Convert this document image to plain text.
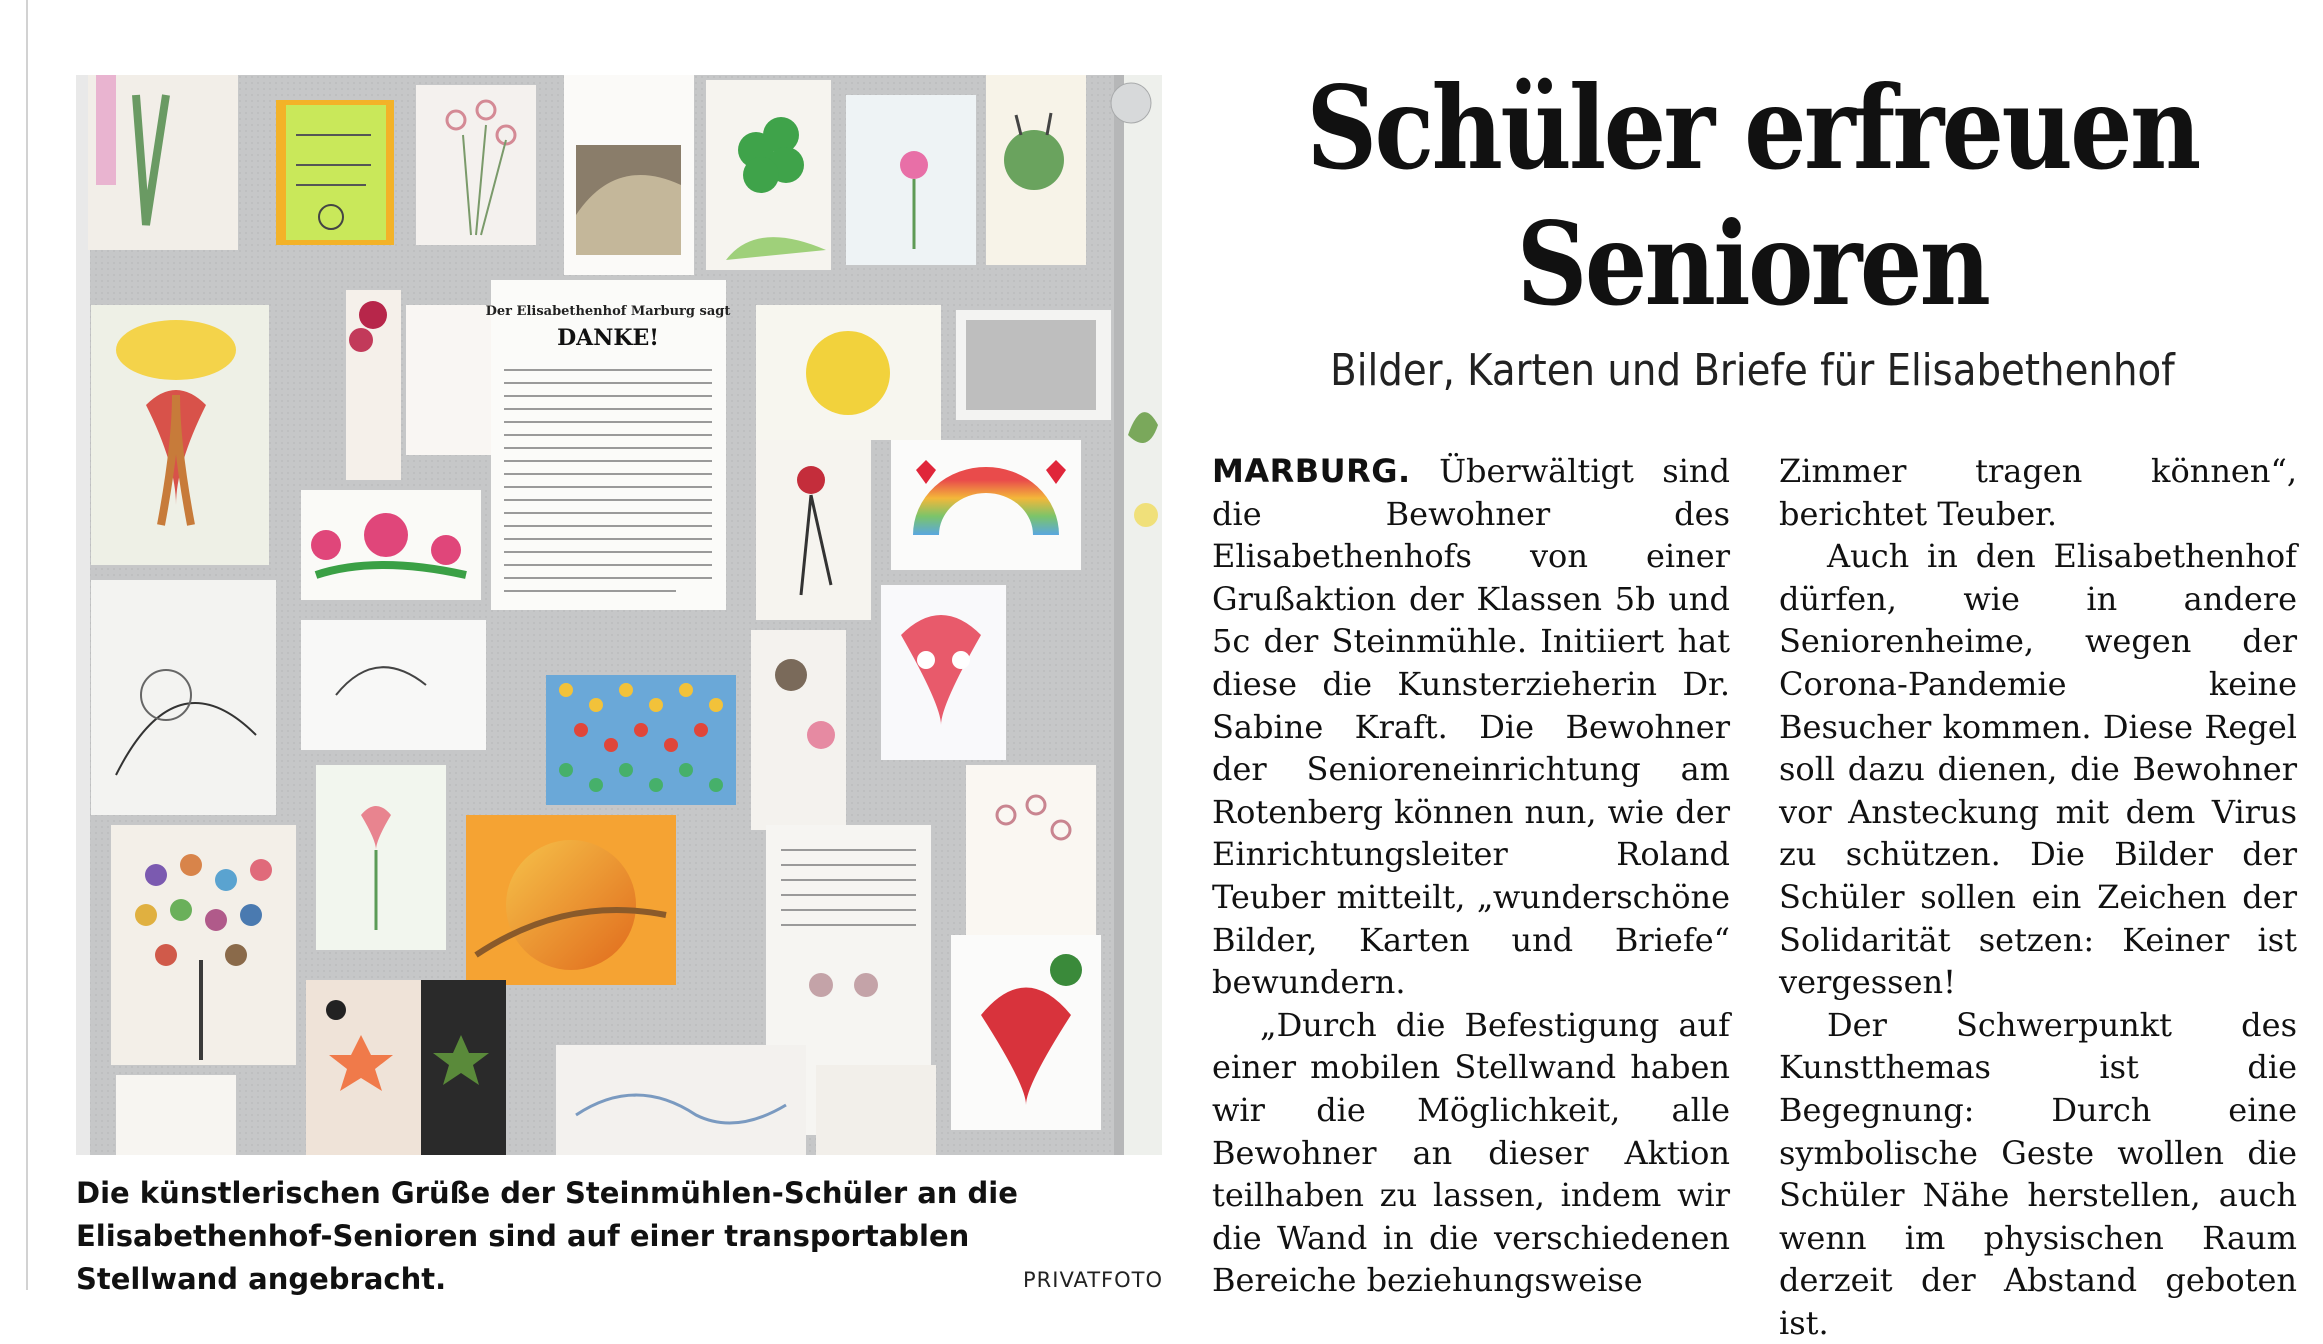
Der Elisabethenhof Marburg sagt
DANKE!
Die künstlerischen Grüße der Steinmühlen-Schüler an die Elisabethenhof-Senioren sind auf einer transportablen Stellwand angebracht.	PRIVATFOTO
Schüler erfreuen Senioren
Bilder, Karten und Briefe für Elisabethenhof

MARBURG. Überwältigt sind die Bewohner des Elisabethenhofs von einer Grußaktion der Klassen 5b und 5c der Steinmühle. Initiiert hat diese die Kunsterzieherin Dr. Sabine Kraft. Die Bewohner der Senioreneinrichtung am Rotenberg können nun, wie der Einrichtungsleiter Roland Teuber mitteilt, „wunderschöne Bilder, Karten und Briefe“ bewundern.

„Durch die Befestigung auf einer mobilen Stellwand haben wir die Möglichkeit, alle Bewohner an dieser Aktion teilhaben zu lassen, indem wir die Wand in die verschiedenen Bereiche beziehungsweise

Zimmer tragen können“, berichtet Teuber.

Auch in den Elisabethenhof dürfen, wie in andere Seniorenheime, wegen der Corona-Pandemie keine Besucher kommen. Diese Regel soll dazu dienen, die Bewohner vor Ansteckung mit dem Virus zu schützen. Die Bilder der Schüler sollen ein Zeichen der Solidarität setzen: Keiner ist vergessen!

Der Schwerpunkt des Kunstthemas ist die Begegnung: Durch eine symbolische Geste wollen die Schüler Nähe herstellen, auch wenn im physischen Raum derzeit der Abstand geboten ist.
